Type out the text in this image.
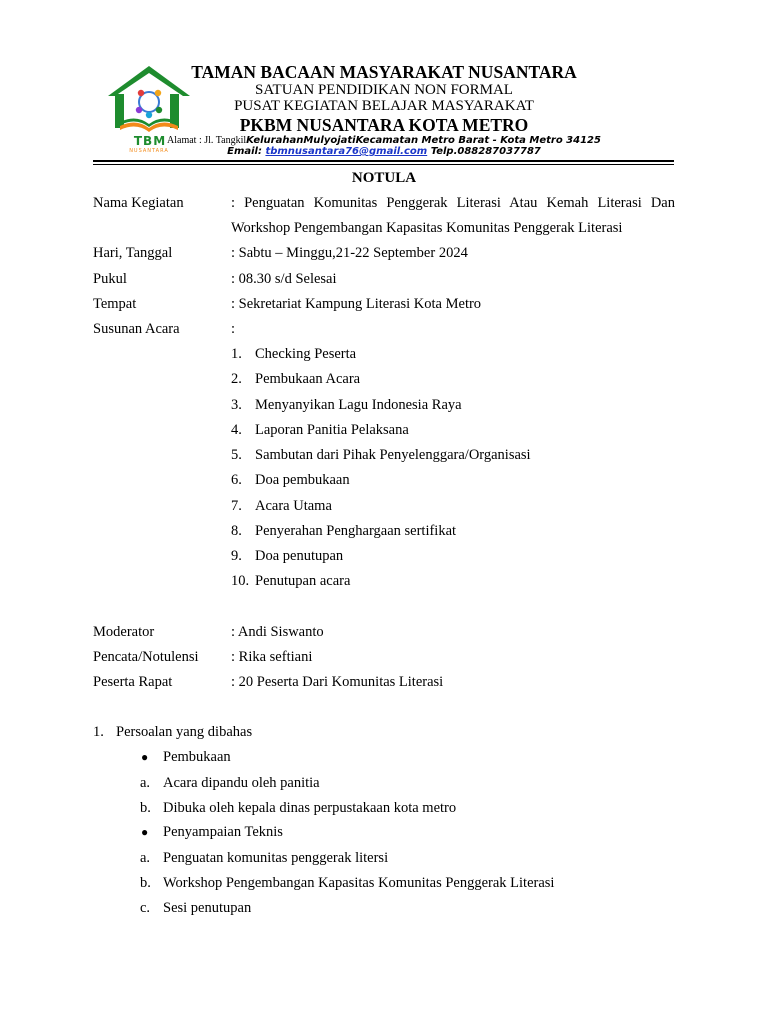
TBM
NUSANTARA
TAMAN BACAAN MASYARAKAT NUSANTARA
SATUAN PENDIDIKAN NON FORMAL
PUSAT KEGIATAN BELAJAR MASYARAKAT
PKBM NUSANTARA KOTA METRO
Alamat : Jl. TangkilKelurahanMulyojatiKecamatan Metro Barat - Kota Metro 34125
Email: tbmnusantara76@gmail.com Telp.088287037787
NOTULA
Nama Kegiatan	: Penguatan Komunitas Penggerak Literasi Atau Kemah Literasi Dan
Workshop Pengembangan Kapasitas Komunitas Penggerak Literasi
Hari, Tanggal	: Sabtu – Minggu,21-22 September 2024
Pukul	: 08.30 s/d Selesai
Tempat	: Sekretariat Kampung Literasi Kota Metro
Susunan Acara	:
1. Checking Peserta
2. Pembukaan Acara
3. Menyanyikan Lagu Indonesia Raya
4. Laporan Panitia Pelaksana
5. Sambutan dari Pihak Penyelenggara/Organisasi
6. Doa pembukaan
7. Acara Utama
8. Penyerahan Penghargaan sertifikat
9. Doa penutupan
10. Penutupan acara
Moderator	: Andi Siswanto
Pencata/Notulensi : Rika seftiani
Peserta Rapat	: 20 Peserta Dari Komunitas Literasi
1. Persoalan yang dibahas
● Pembukaan
a. Acara dipandu oleh panitia
b. Dibuka oleh kepala dinas perpustakaan kota metro
● Penyampaian Teknis
a. Penguatan komunitas penggerak litersi
b. Workshop Pengembangan Kapasitas Komunitas Penggerak Literasi
c. Sesi penutupan
